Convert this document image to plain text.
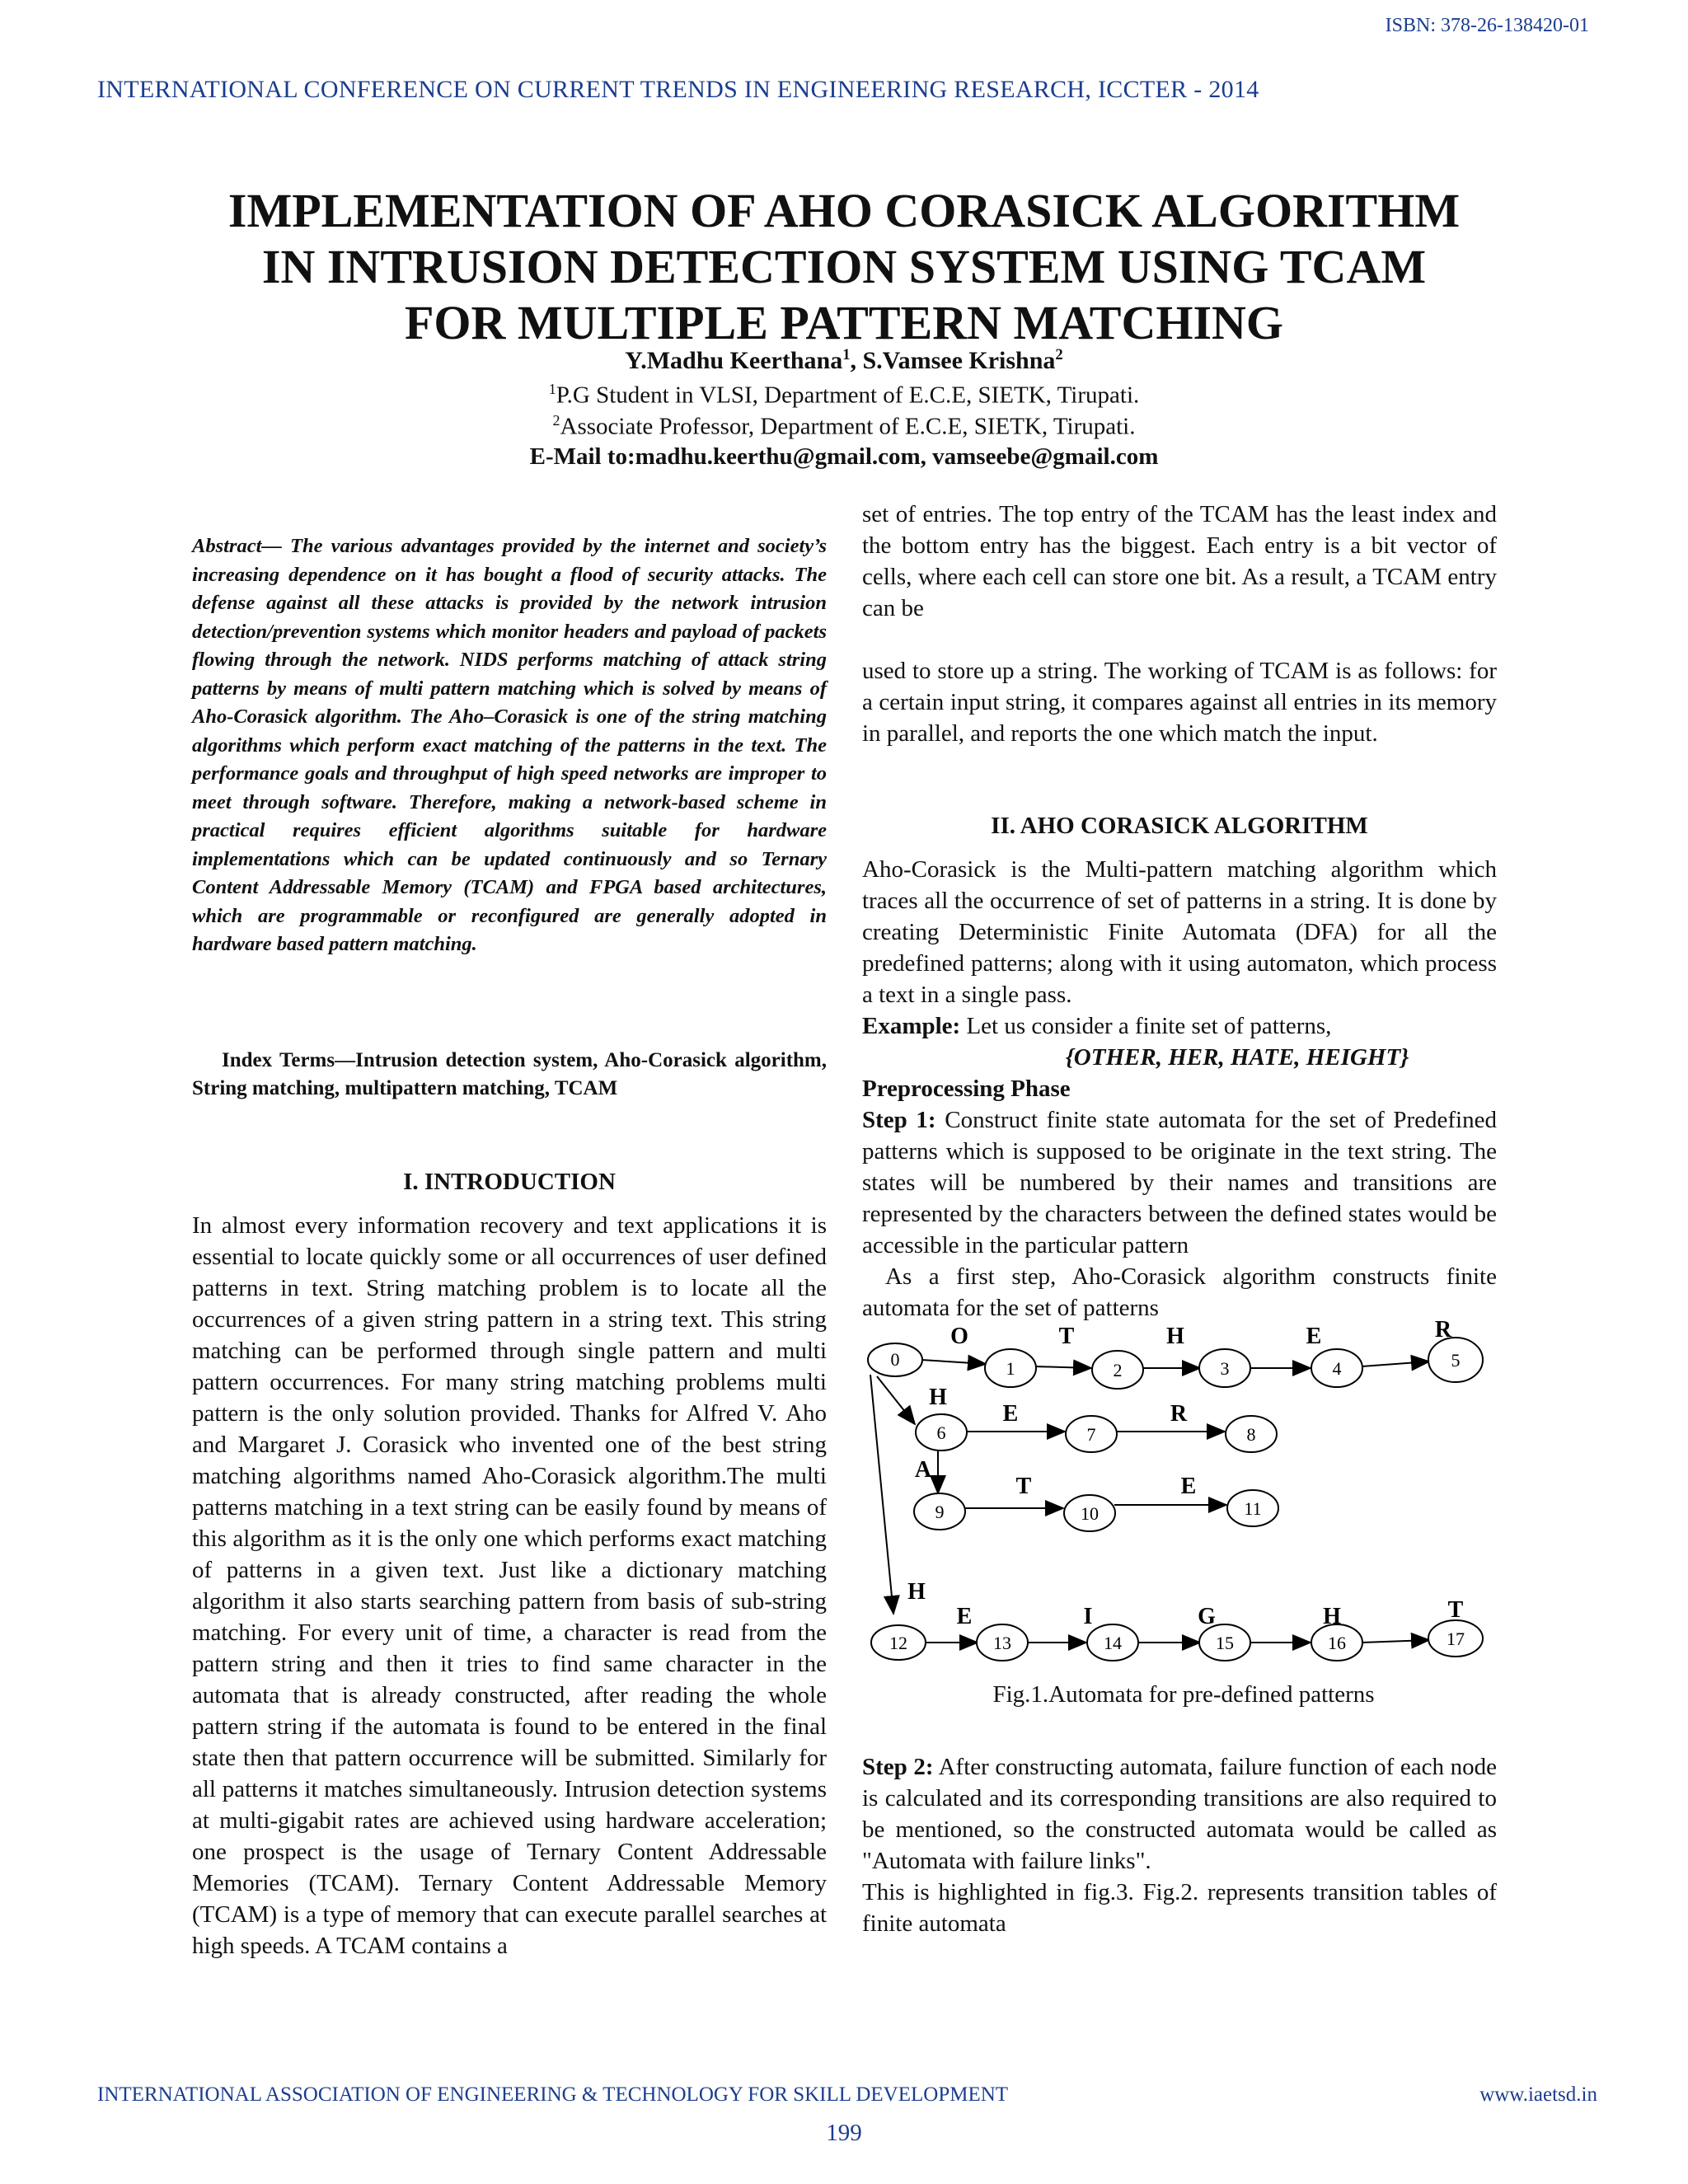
ISBN: 378-26-138420-01
INTERNATIONAL CONFERENCE ON CURRENT TRENDS IN ENGINEERING RESEARCH, ICCTER - 2014
IMPLEMENTATION OF AHO CORASICK ALGORITHM
IN INTRUSION DETECTION SYSTEM USING TCAM
FOR MULTIPLE PATTERN MATCHING
Y.Madhu Keerthana$^1$, S.Vamsee Krishna$^2$
$^1$P.G Student in VLSI, Department of E.C.E, SIETK, Tirupati.
$^2$Associate Professor, Department of E.C.E, SIETK, Tirupati.
E-Mail to:madhu.keerthu@gmail.com, vamseebe@gmail.com
Abstract— The various advantages provided by the internet and society’s increasing dependence on it has bought a flood of security attacks. The defense against all these attacks is provided by the network intrusion detection/prevention systems which monitor headers and payload of packets flowing through the network. NIDS performs matching of attack string patterns by means of multi pattern matching which is solved by means of Aho-Corasick algorithm. The Aho–Corasick is one of the string matching algorithms which perform exact matching of the patterns in the text. The performance goals and throughput of high speed networks are improper to meet through software. Therefore, making a network-based scheme in practical requires efficient algorithms suitable for hardware implementations which can be updated continuously and so Ternary Content Addressable Memory (TCAM) and FPGA based architectures, which are programmable or reconfigured are generally adopted in hardware based pattern matching.
Index Terms—Intrusion detection system, Aho-Corasick algorithm, String matching, multipattern matching, TCAM
I. INTRODUCTION
In almost every information recovery and text applications it is essential to locate quickly some or all occurrences of user defined patterns in text. String matching problem is to locate all the occurrences of a given string pattern in a string text. This string matching can be performed through single pattern and multi pattern occurrences. For many string matching problems multi pattern is the only solution provided. Thanks for Alfred V. Aho and Margaret J. Corasick who invented one of the best string matching algorithms named Aho-Corasick algorithm.The multi patterns matching in a text string can be easily found by means of this algorithm as it is the only one which performs exact matching of patterns in a given text. Just like a dictionary matching algorithm it also starts searching pattern from basis of sub-string matching. For every unit of time, a character is read from the pattern string and then it tries to find same character in the automata that is already constructed, after reading the whole pattern string if the automata is found to be entered in the final state then that pattern occurrence will be submitted. Similarly for all patterns it matches simultaneously. Intrusion detection systems at multi-gigabit rates are achieved using hardware acceleration; one prospect is the usage of Ternary Content Addressable Memories (TCAM). Ternary Content Addressable Memory (TCAM) is a type of memory that can execute parallel searches at high speeds. A TCAM contains a
set of entries. The top entry of the TCAM has the least index and the bottom entry has the biggest. Each entry is a bit vector of cells, where each cell can store one bit. As a result, a TCAM entry can be
used to store up a string. The working of TCAM is as follows: for a certain input string, it compares against all entries in its memory in parallel, and reports the one which match the input.
II. AHO CORASICK ALGORITHM

Aho-Corasick is the Multi-pattern matching algorithm which traces all the occurrence of set of patterns in a string. It is done by creating Deterministic Finite Automata (DFA) for all the predefined patterns; along with it using automaton, which process a text in a single pass.

Example: Let us consider a finite set of patterns,

{OTHER, HER, HATE, HEIGHT}

Preprocessing Phase

Step 1: Construct finite state automata for the set of Predefined patterns which is supposed to be originate in the text string. The states will be numbered by their names and transitions are represented by the characters between the defined states would be accessible in the particular pattern

As a first step, Aho-Corasick algorithm constructs finite automata for the set of patterns

0	1	2	3	4	5
6	7	8
9	10	11
12	13	14	15	16	17
O	T	H	E	R
H
E	R
A
T	E
H
E	I	G	H	T
Fig.1.Automata for pre-defined patterns

Step 2: After constructing automata, failure function of each node is calculated and its corresponding transitions are also required to be mentioned, so the constructed automata would be called as "Automata with failure links".

This is highlighted in fig.3. Fig.2. represents transition tables of finite automata

INTERNATIONAL ASSOCIATION OF ENGINEERING & TECHNOLOGY FOR SKILL DEVELOPMENT	www.iaetsd.in
199
